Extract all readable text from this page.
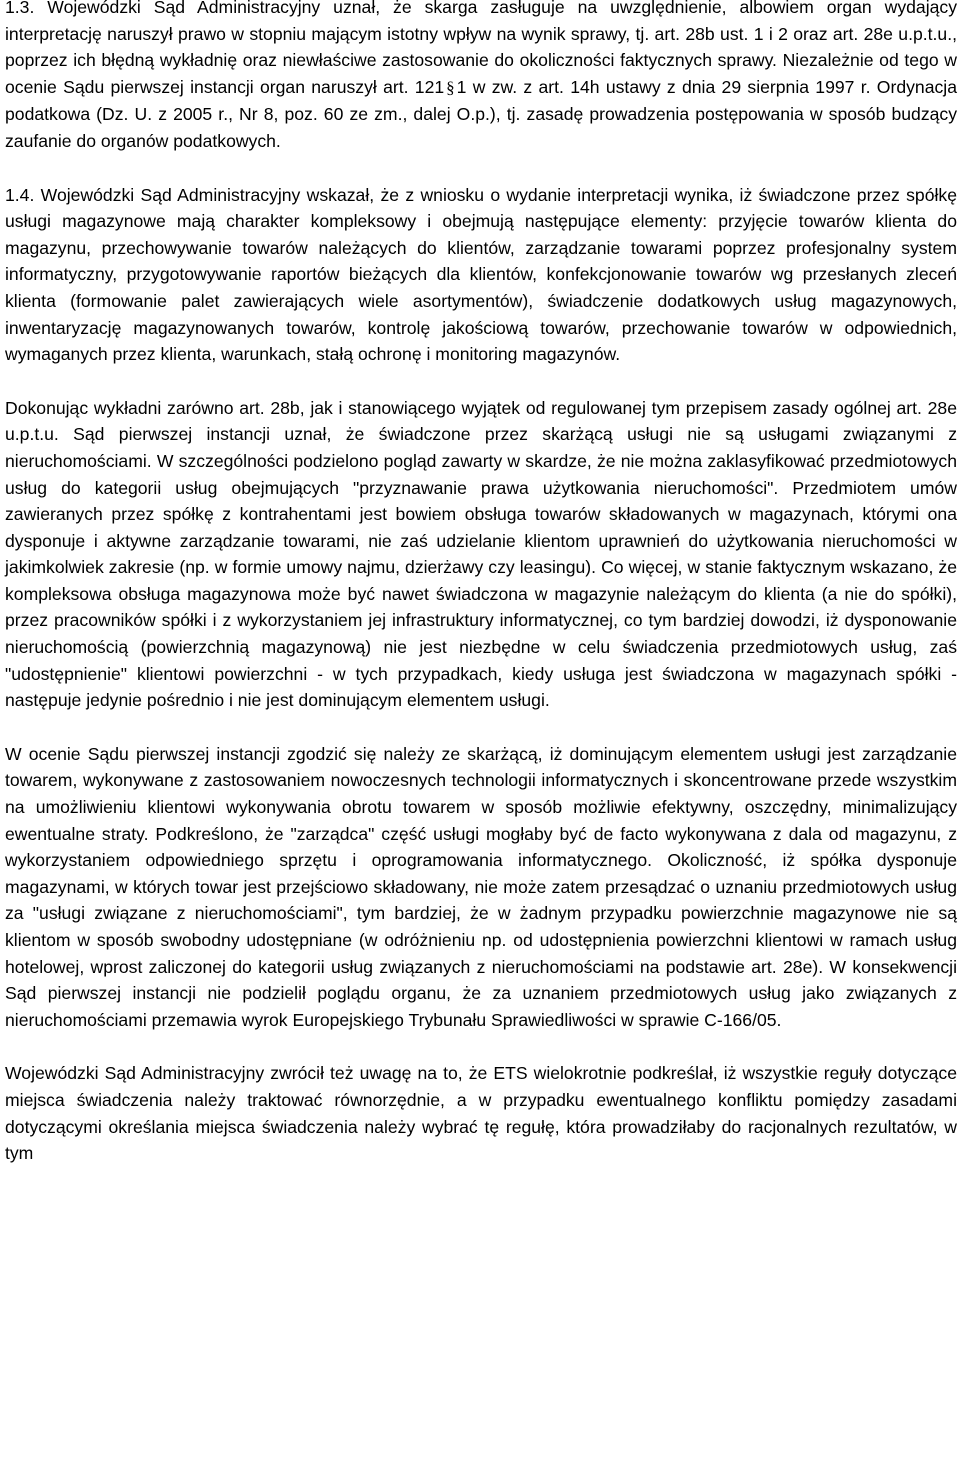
1.3. Wojewódzki Sąd Administracyjny uznał, że skarga zasługuje na uwzględnienie, albowiem organ wydający interpretację naruszył prawo w stopniu mającym istotny wpływ na wynik sprawy, tj. art. 28b ust. 1 i 2 oraz art. 28e u.p.t.u., poprzez ich błędną wykładnię oraz niewłaściwe zastosowanie do okoliczności faktycznych sprawy. Niezależnie od tego w ocenie Sądu pierwszej instancji organ naruszył art. 121 § 1 w zw. z art. 14h ustawy z dnia 29 sierpnia 1997 r. Ordynacja podatkowa (Dz. U. z 2005 r., Nr 8, poz. 60 ze zm., dalej O.p.), tj. zasadę prowadzenia postępowania w sposób budzący zaufanie do organów podatkowych.

1.4. Wojewódzki Sąd Administracyjny wskazał, że z wniosku o wydanie interpretacji wynika, iż świadczone przez spółkę usługi magazynowe mają charakter kompleksowy i obejmują następujące elementy: przyjęcie towarów klienta do magazynu, przechowywanie towarów należących do klientów, zarządzanie towarami poprzez profesjonalny system informatyczny, przygotowywanie raportów bieżących dla klientów, konfekcjonowanie towarów wg przesłanych zleceń klienta (formowanie palet zawierających wiele asortymentów), świadczenie dodatkowych usług magazynowych, inwentaryzację magazynowanych towarów, kontrolę jakościową towarów, przechowanie towarów w odpowiednich, wymaganych przez klienta, warunkach, stałą ochronę i monitoring magazynów.

Dokonując wykładni zarówno art. 28b, jak i stanowiącego wyjątek od regulowanej tym przepisem zasady ogólnej art. 28e u.p.t.u. Sąd pierwszej instancji uznał, że świadczone przez skarżącą usługi nie są usługami związanymi z nieruchomościami. W szczególności podzielono pogląd zawarty w skardze, że nie można zaklasyfikować przedmiotowych usług do kategorii usług obejmujących "przyznawanie prawa użytkowania nieruchomości". Przedmiotem umów zawieranych przez spółkę z kontrahentami jest bowiem obsługa towarów składowanych w magazynach, którymi ona dysponuje i aktywne zarządzanie towarami, nie zaś udzielanie klientom uprawnień do użytkowania nieruchomości w jakimkolwiek zakresie (np. w formie umowy najmu, dzierżawy czy leasingu). Co więcej, w stanie faktycznym wskazano, że kompleksowa obsługa magazynowa może być nawet świadczona w magazynie należącym do klienta (a nie do spółki), przez pracowników spółki i z wykorzystaniem jej infrastruktury informatycznej, co tym bardziej dowodzi, iż dysponowanie nieruchomością (powierzchnią magazynową) nie jest niezbędne w celu świadczenia przedmiotowych usług, zaś "udostępnienie" klientowi powierzchni - w tych przypadkach, kiedy usługa jest świadczona w magazynach spółki - następuje jedynie pośrednio i nie jest dominującym elementem usługi.

W ocenie Sądu pierwszej instancji zgodzić się należy ze skarżącą, iż dominującym elementem usługi jest zarządzanie towarem, wykonywane z zastosowaniem nowoczesnych technologii informatycznych i skoncentrowane przede wszystkim na umożliwieniu klientowi wykonywania obrotu towarem w sposób możliwie efektywny, oszczędny, minimalizujący ewentualne straty. Podkreślono, że "zarządca" część usługi mogłaby być de facto wykonywana z dala od magazynu, z wykorzystaniem odpowiedniego sprzętu i oprogramowania informatycznego. Okoliczność, iż spółka dysponuje magazynami, w których towar jest przejściowo składowany, nie może zatem przesądzać o uznaniu przedmiotowych usług za "usługi związane z nieruchomościami", tym bardziej, że w żadnym przypadku powierzchnie magazynowe nie są klientom w sposób swobodny udostępniane (w odróżnieniu np. od udostępnienia powierzchni klientowi w ramach usług hotelowej, wprost zaliczonej do kategorii usług związanych z nieruchomościami na podstawie art. 28e). W konsekwencji Sąd pierwszej instancji nie podzielił poglądu organu, że za uznaniem przedmiotowych usług jako związanych z nieruchomościami przemawia wyrok Europejskiego Trybunału Sprawiedliwości w sprawie C-166/05.

Wojewódzki Sąd Administracyjny zwrócił też uwagę na to, że ETS wielokrotnie podkreślał, iż wszystkie reguły dotyczące miejsca świadczenia należy traktować równorzędnie, a w przypadku ewentualnego konfliktu pomiędzy zasadami dotyczącymi określania miejsca świadczenia należy wybrać tę regułę, która prowadziłaby do racjonalnych rezultatów, w tym
